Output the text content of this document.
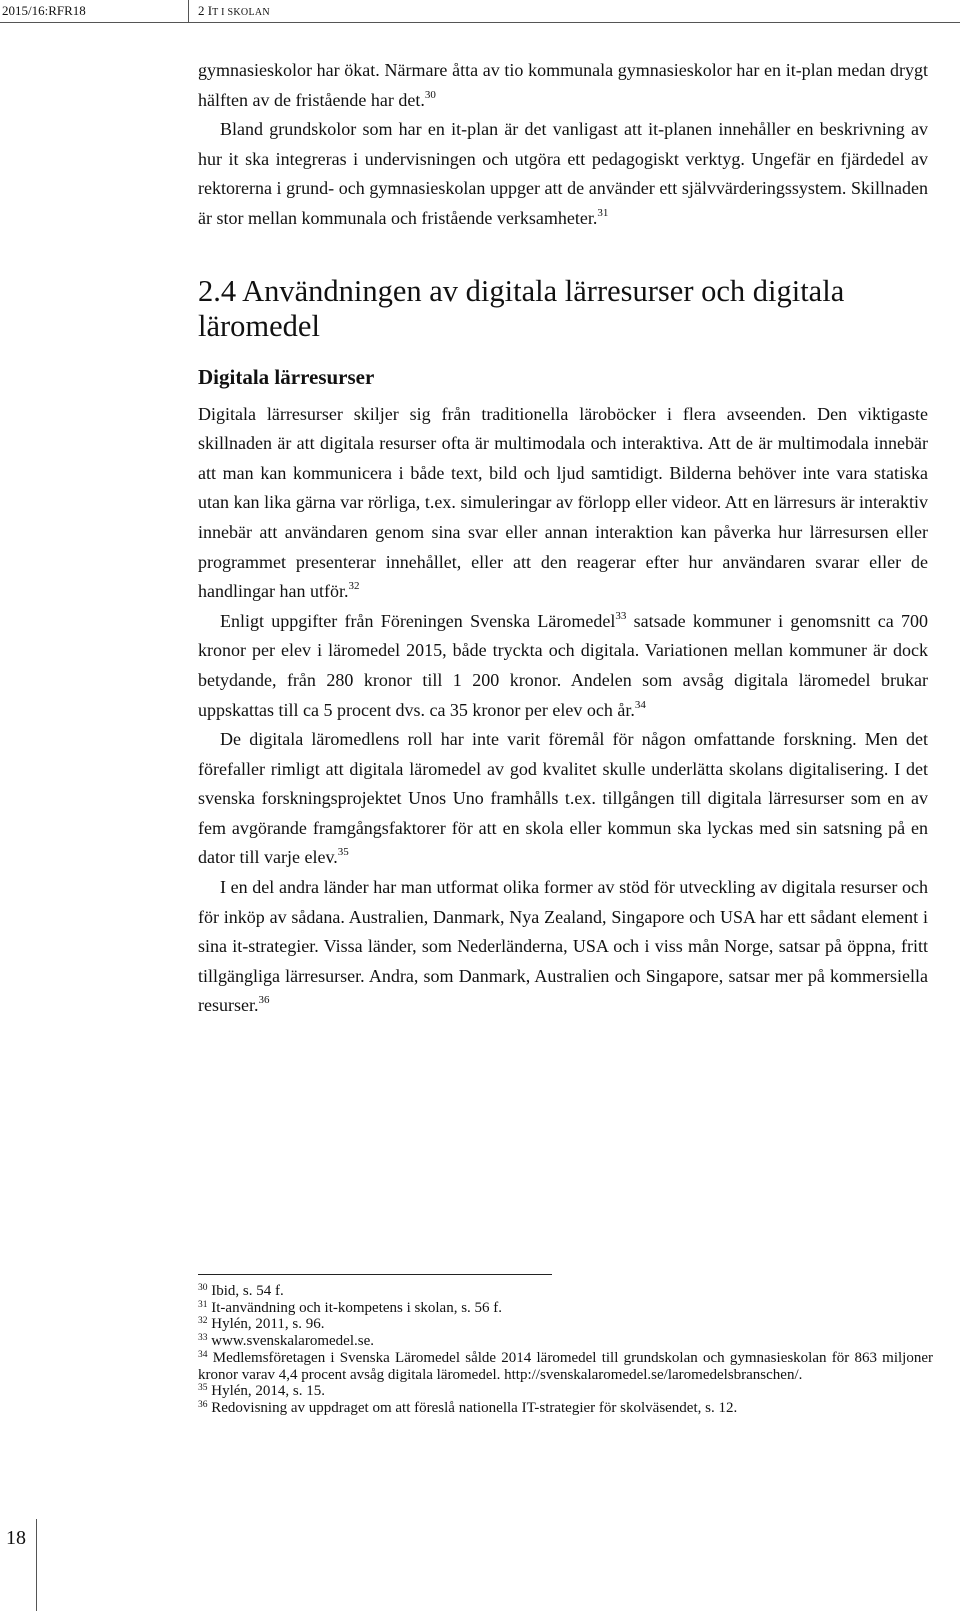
2015/16:RFR18	2 IT I SKOLAN

gymnasieskolor har ökat. Närmare åtta av tio kommunala gymnasieskolor har en it-plan medan drygt hälften av de fristående har det.$^{30}$

Bland grundskolor som har en it-plan är det vanligast att it-planen innehåller en beskrivning av hur it ska integreras i undervisningen och utgöra ett pedagogiskt verktyg. Ungefär en fjärdedel av rektorerna i grund- och gymnasieskolan uppger att de använder ett självvärderingssystem. Skillnaden är stor mellan kommunala och fristående verksamheter.$^{31}$

2.4 Användningen av digitala lärresurser och digitala läromedel
Digitala lärresurser

Digitala lärresurser skiljer sig från traditionella läroböcker i flera avseenden. Den viktigaste skillnaden är att digitala resurser ofta är multimodala och interaktiva. Att de är multimodala innebär att man kan kommunicera i både text, bild och ljud samtidigt. Bilderna behöver inte vara statiska utan kan lika gärna var rörliga, t.ex. simuleringar av förlopp eller videor. Att en lärresurs är interaktiv innebär att användaren genom sina svar eller annan interaktion kan påverka hur lärresursen eller programmet presenterar innehållet, eller att den reagerar efter hur användaren svarar eller de handlingar han utför.$^{32}$

Enligt uppgifter från Föreningen Svenska Läromedel$^{33}$ satsade kommuner i genomsnitt ca 700 kronor per elev i läromedel 2015, både tryckta och digitala. Variationen mellan kommuner är dock betydande, från 280 kronor till 1 200 kronor. Andelen som avsåg digitala läromedel brukar uppskattas till ca 5 procent dvs. ca 35 kronor per elev och år.$^{34}$

De digitala läromedlens roll har inte varit föremål för någon omfattande forskning. Men det förefaller rimligt att digitala läromedel av god kvalitet skulle underlätta skolans digitalisering. I det svenska forskningsprojektet Unos Uno framhålls t.ex. tillgången till digitala lärresurser som en av fem avgörande framgångsfaktorer för att en skola eller kommun ska lyckas med sin satsning på en dator till varje elev.$^{35}$

I en del andra länder har man utformat olika former av stöd för utveckling av digitala resurser och för inköp av sådana. Australien, Danmark, Nya Zealand, Singapore och USA har ett sådant element i sina it-strategier. Vissa länder, som Nederländerna, USA och i viss mån Norge, satsar på öppna, fritt tillgängliga lärresurser. Andra, som Danmark, Australien och Singapore, satsar mer på kommersiella resurser.$^{36}$

$^{30}$ Ibid, s. 54 f.

$^{31}$ It-användning och it-kompetens i skolan, s. 56 f.

$^{32}$ Hylén, 2011, s. 96.

$^{33}$ www.svenskalaromedel.se.

$^{34}$ Medlemsföretagen i Svenska Läromedel sålde 2014 läromedel till grundskolan och gymnasieskolan för 863 miljoner kronor varav 4,4 procent avsåg digitala läromedel. http://svenskalaromedel.se/laromedelsbranschen/.

$^{35}$ Hylén, 2014, s. 15.

$^{36}$ Redovisning av uppdraget om att föreslå nationella IT-strategier för skolväsendet, s. 12.

18
